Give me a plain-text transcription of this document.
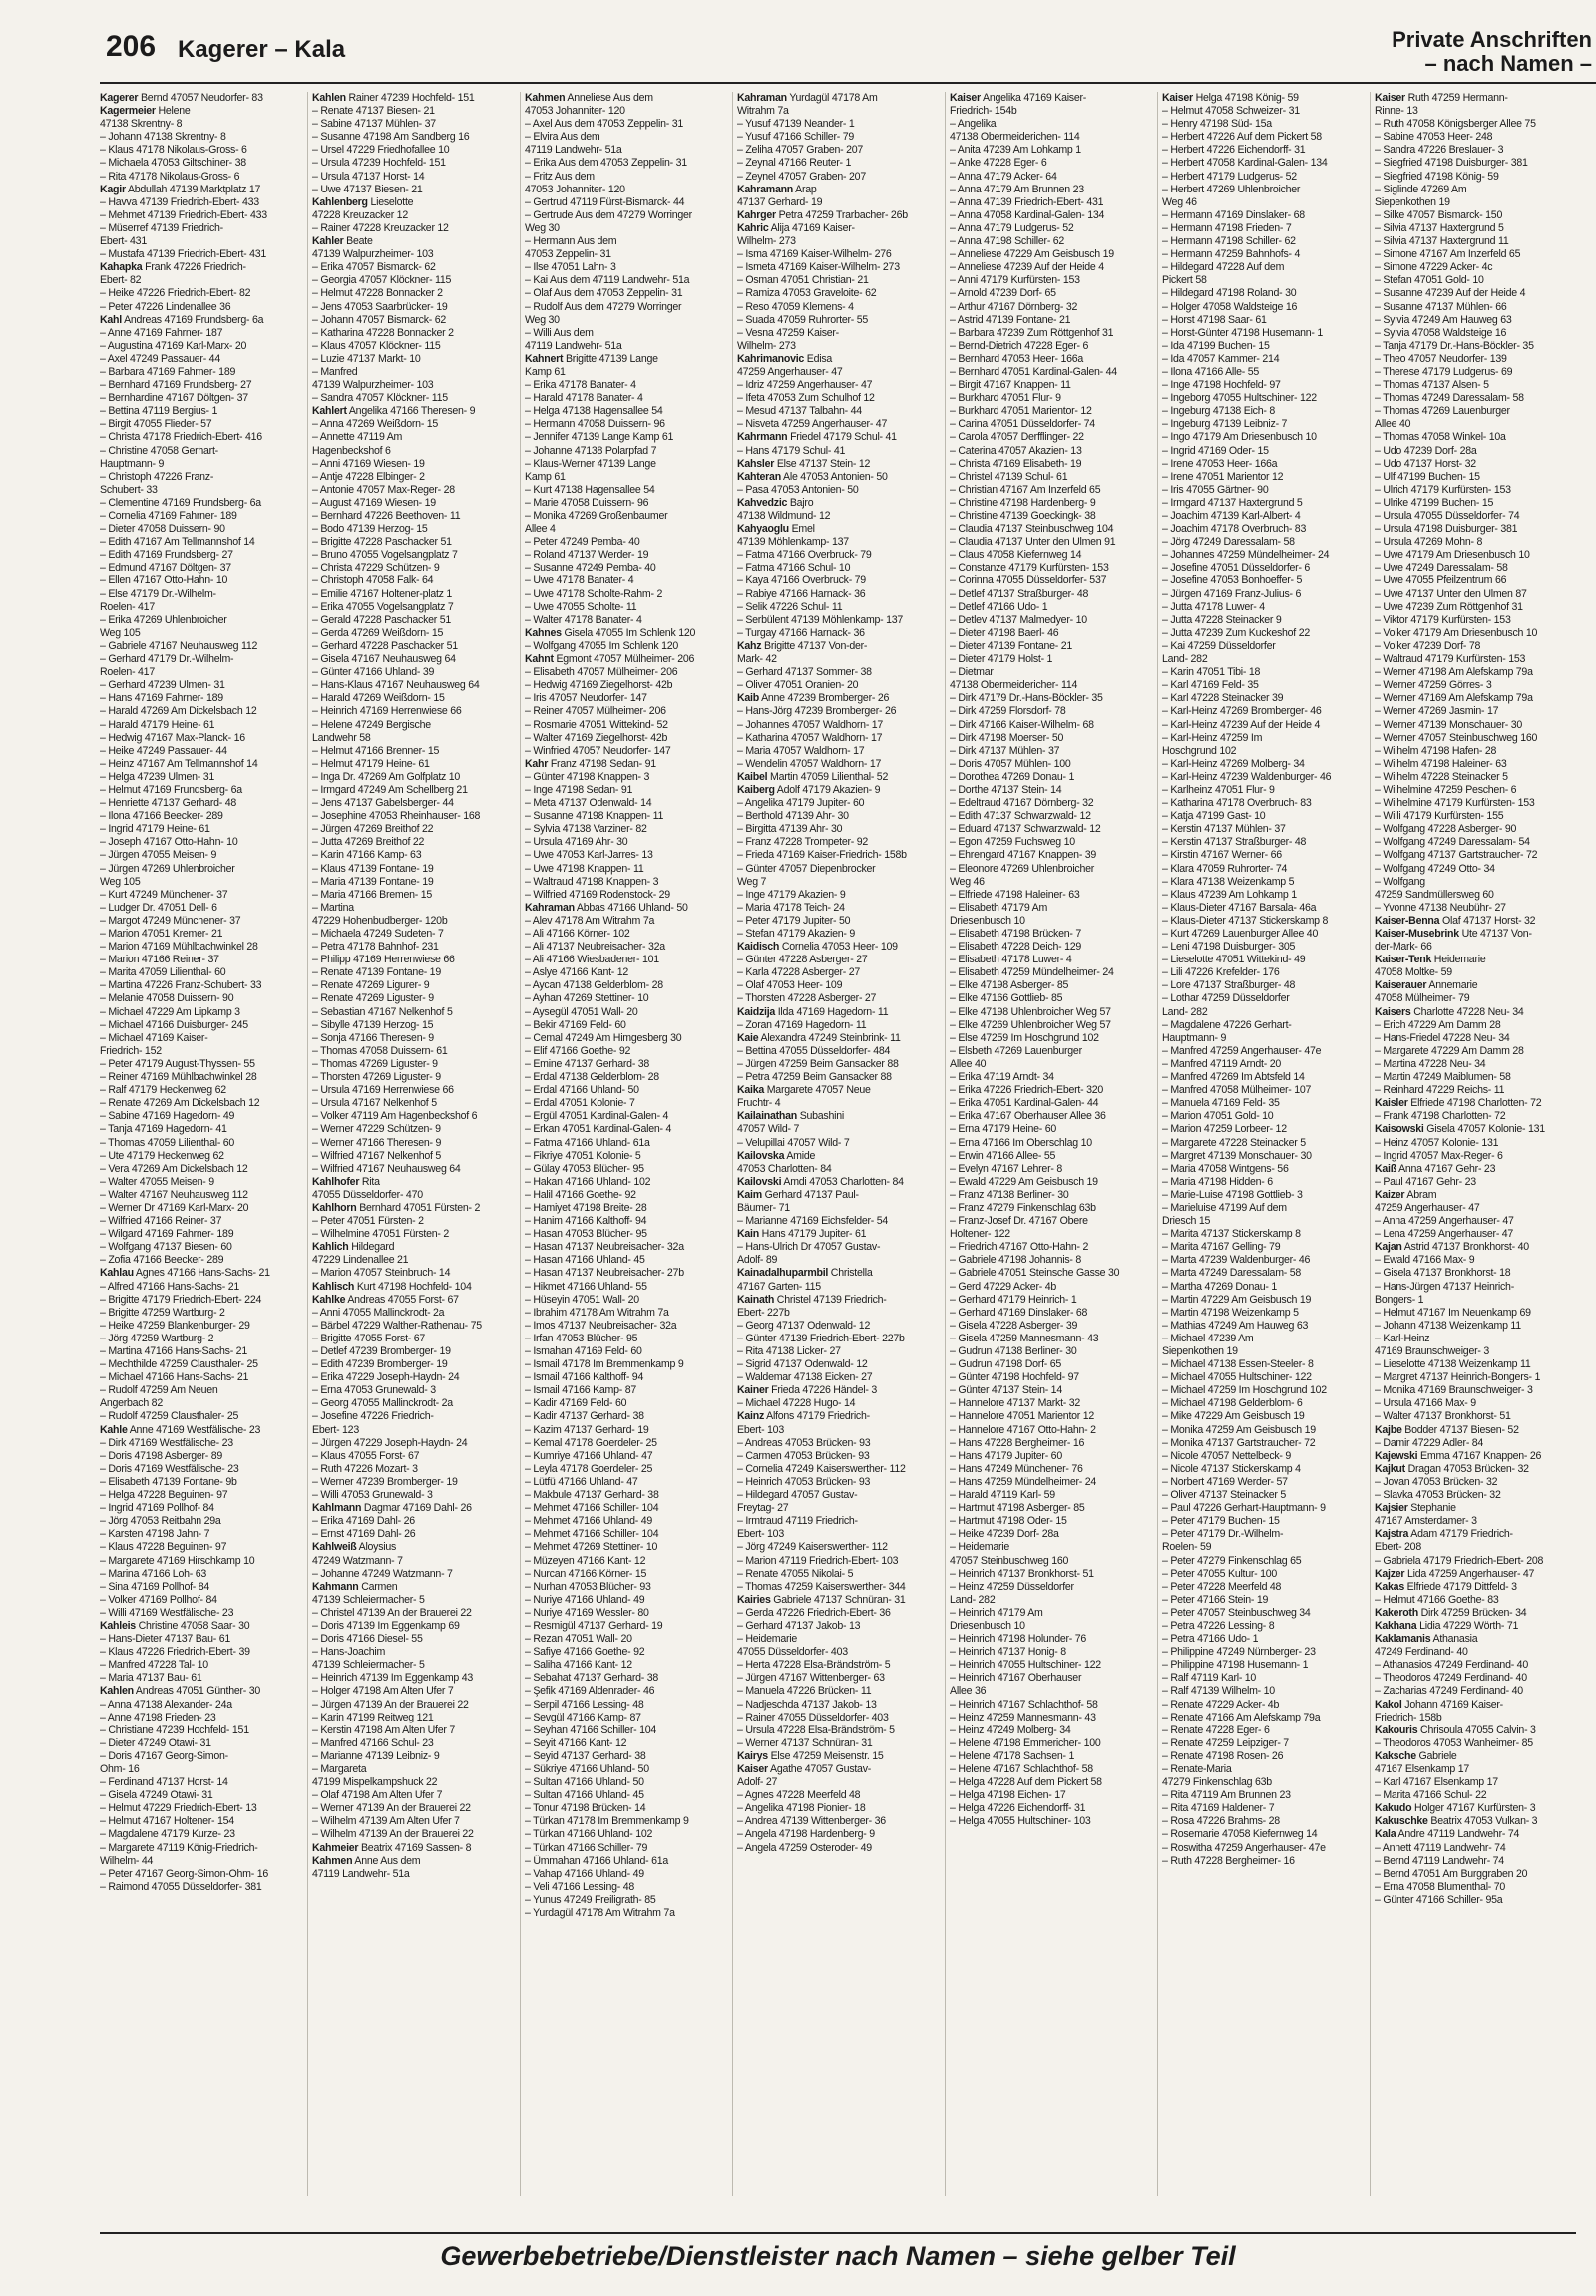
206 Kagerer – Kala	Private Anschriften
– nach Namen –
Kagerer Bernd 47057 Neudorfer- 83
Kagermeier Helene
47138 Skrentny- 8
– Johann 47138 Skrentny- 8
– Klaus 47178 Nikolaus-Gross- 6
– Michaela 47053 Giltschiner- 38
– Rita 47178 Nikolaus-Gross- 6
Kagir Abdullah 47139 Marktplatz 17
– Havva 47139 Friedrich-Ebert- 433
– Mehmet 47139 Friedrich-Ebert- 433
– Müserref 47139 Friedrich-
Ebert- 431
– Mustafa 47139 Friedrich-Ebert- 431
Kahapka Frank 47226 Friedrich-
Ebert- 82
– Heike 47226 Friedrich-Ebert- 82
– Peter 47226 Lindenallee 36
Kahl Andreas 47169 Frundsberg- 6a
– Anne 47169 Fahrner- 187
– Augustina 47169 Karl-Marx- 20
– Axel 47249 Passauer- 44
– Barbara 47169 Fahrner- 189
– Bernhard 47169 Frundsberg- 27
– Bernhardine 47167 Döltgen- 37
– Bettina 47119 Bergius- 1
– Birgit 47055 Flieder- 57
– Christa 47178 Friedrich-Ebert- 416
– Christine 47058 Gerhart-
Hauptmann- 9
– Christoph 47226 Franz-
Schubert- 33
– Clementine 47169 Frundsberg- 6a
– Cornelia 47169 Fahrner- 189
– Dieter 47058 Duissern- 90
– Edith 47167 Am Tellmannshof 14
– Edith 47169 Frundsberg- 27
– Edmund 47167 Döltgen- 37
– Ellen 47167 Otto-Hahn- 10
– Else 47179 Dr.-Wilhelm-
Roelen- 417
– Erika 47269 Uhlenbroicher
Weg 105
– Gabriele 47167 Neuhausweg 112
– Gerhard 47179 Dr.-Wilhelm-
Roelen- 417
– Gerhard 47239 Ulmen- 31
– Hans 47169 Fahrner- 189
– Harald 47269 Am Dickelsbach 12
– Harald 47179 Heine- 61
– Hedwig 47167 Max-Planck- 16
– Heike 47249 Passauer- 44
– Heinz 47167 Am Tellmannshof 14
– Helga 47239 Ulmen- 31
– Helmut 47169 Frundsberg- 6a
– Henriette 47137 Gerhard- 48
– Ilona 47166 Beecker- 289
– Ingrid 47179 Heine- 61
– Joseph 47167 Otto-Hahn- 10
– Jürgen 47055 Meisen- 9
– Jürgen 47269 Uhlenbroicher
Weg 105
– Kurt 47249 Münchener- 37
– Ludger Dr. 47051 Dell- 6
– Margot 47249 Münchener- 37
– Marion 47051 Kremer- 21
– Marion 47169 Mühlbachwinkel 28
– Marion 47166 Reiner- 37
– Marita 47059 Lilienthal- 60
– Martina 47226 Franz-Schubert- 33
– Melanie 47058 Duissern- 90
– Michael 47229 Am Lipkamp 3
– Michael 47166 Duisburger- 245
– Michael 47169 Kaiser-
Friedrich- 152
– Peter 47179 August-Thyssen- 55
– Reiner 47169 Mühlbachwinkel 28
– Ralf 47179 Heckenweg 62
– Renate 47269 Am Dickelsbach 12
– Sabine 47169 Hagedorn- 49
– Tanja 47169 Hagedorn- 41
– Thomas 47059 Lilienthal- 60
– Ute 47179 Heckenweg 62
– Vera 47269 Am Dickelsbach 12
– Walter 47055 Meisen- 9
– Walter 47167 Neuhausweg 112
– Werner Dr 47169 Karl-Marx- 20
– Wilfried 47166 Reiner- 37
– Wilgard 47169 Fahrner- 189
– Wolfgang 47137 Biesen- 60
– Zofia 47166 Beecker- 289
Kahlau Agnes 47166 Hans-Sachs- 21
– Alfred 47166 Hans-Sachs- 21
– Brigitte 47179 Friedrich-Ebert- 224
– Brigitte 47259 Wartburg- 2
– Heike 47259 Blankenburger- 29
– Jörg 47259 Wartburg- 2
– Martina 47166 Hans-Sachs- 21
– Mechthilde 47259 Clausthaler- 25
– Michael 47166 Hans-Sachs- 21
– Rudolf 47259 Am Neuen
Angerbach 82
– Rudolf 47259 Clausthaler- 25
Kahle Anne 47169 Westfälische- 23
– Dirk 47169 Westfälische- 23
– Doris 47198 Asberger- 89
– Doris 47169 Westfälische- 23
– Elisabeth 47139 Fontane- 9b
– Helga 47228 Beguinen- 97
– Ingrid 47169 Pollhof- 84
– Jörg 47053 Reitbahn 29a
– Karsten 47198 Jahn- 7
– Klaus 47228 Beguinen- 97
– Margarete 47169 Hirschkamp 10
– Marina 47166 Loh- 63
– Sina 47169 Pollhof- 84
– Volker 47169 Pollhof- 84
– Willi 47169 Westfälische- 23
Kahleis Christine 47058 Saar- 30
– Hans-Dieter 47137 Bau- 61
– Klaus 47226 Friedrich-Ebert- 39
– Manfred 47228 Tal- 10
– Maria 47137 Bau- 61
Kahlen Andreas 47051 Günther- 30
– Anna 47138 Alexander- 24a
– Anne 47198 Frieden- 23
– Christiane 47239 Hochfeld- 151
– Dieter 47249 Otawi- 31
– Doris 47167 Georg-Simon-
Ohm- 16
– Ferdinand 47137 Horst- 14
– Gisela 47249 Otawi- 31
– Helmut 47229 Friedrich-Ebert- 13
– Helmut 47167 Holtener- 154
– Magdalene 47179 Kurze- 23
– Margarete 47119 König-Friedrich-
Wilhelm- 44
– Peter 47167 Georg-Simon-Ohm- 16
– Raimond 47055 Düsseldorfer- 381
Kahlen Rainer 47239 Hochfeld- 151
– Renate 47137 Biesen- 21
– Sabine 47137 Mühlen- 37
– Susanne 47198 Am Sandberg 16
– Ursel 47229 Friedhofallee 10
– Ursula 47239 Hochfeld- 151
– Ursula 47137 Horst- 14
– Uwe 47137 Biesen- 21
Kahlenberg Lieselotte
47228 Kreuzacker 12
– Rainer 47228 Kreuzacker 12
Kahler Beate
47139 Walpurzheimer- 103
– Erika 47057 Bismarck- 62
– Georgia 47057 Klöckner- 115
– Helmut 47228 Bonnacker 2
– Jens 47053 Saarbrücker- 19
– Johann 47057 Bismarck- 62
– Katharina 47228 Bonnacker 2
– Klaus 47057 Klöckner- 115
– Luzie 47137 Markt- 10
– Manfred
47139 Walpurzheimer- 103
– Sandra 47057 Klöckner- 115
Kahlert Angelika 47166 Theresen- 9
– Anna 47269 Weißdorn- 15
– Annette 47119 Am
Hagenbeckshof 6
– Anni 47169 Wiesen- 19
– Antje 47228 Elbinger- 2
– Antonie 47057 Max-Reger- 28
– August 47169 Wiesen- 19
– Bernhard 47226 Beethoven- 11
– Bodo 47139 Herzog- 15
– Brigitte 47228 Paschacker 51
– Bruno 47055 Vogelsangplatz 7
– Christa 47229 Schützen- 9
– Christoph 47058 Falk- 64
– Emilie 47167 Holtener-platz 1
– Erika 47055 Vogelsangplatz 7
– Gerald 47228 Paschacker 51
– Gerda 47269 Weißdorn- 15
– Gerhard 47228 Paschacker 51
– Gisela 47167 Neuhausweg 64
– Günter 47166 Uhland- 39
– Hans-Klaus 47167 Neuhausweg 64
– Harald 47269 Weißdorn- 15
– Heinrich 47169 Herrenwiese 66
– Helene 47249 Bergische
Landwehr 58
– Helmut 47166 Brenner- 15
– Helmut 47179 Heine- 61
– Inga Dr. 47269 Am Golfplatz 10
– Irmgard 47249 Am Schellberg 21
– Jens 47137 Gabelsberger- 44
– Josephine 47053 Rheinhauser- 168
– Jürgen 47269 Breithof 22
– Jutta 47269 Breithof 22
– Karin 47166 Kamp- 63
– Klaus 47139 Fontane- 19
– Maria 47139 Fontane- 19
– Maria 47166 Bremen- 15
– Martina
47229 Hohenbudberger- 120b
– Michaela 47249 Sudeten- 7
– Petra 47178 Bahnhof- 231
– Philipp 47169 Herrenwiese 66
– Renate 47139 Fontane- 19
– Renate 47269 Ligurer- 9
– Renate 47269 Liguster- 9
– Sebastian 47167 Nelkenhof 5
– Sibylle 47139 Herzog- 15
– Sonja 47166 Theresen- 9
– Thomas 47058 Duissern- 61
– Thomas 47269 Liguster- 9
– Thorsten 47269 Liguster- 9
– Ursula 47169 Herrenwiese 66
– Ursula 47167 Nelkenhof 5
– Volker 47119 Am Hagenbeckshof 6
– Werner 47229 Schützen- 9
– Werner 47166 Theresen- 9
– Wilfried 47167 Nelkenhof 5
– Wilfried 47167 Neuhausweg 64
Kahlhofer Rita
47055 Düsseldorfer- 470
Kahlhorn Bernhard 47051 Fürsten- 2
– Peter 47051 Fürsten- 2
– Wilhelmine 47051 Fürsten- 2
Kahlich Hildegard
47229 Lindenallee 21
– Marion 47057 Steinbruch- 14
Kahlisch Kurt 47198 Hochfeld- 104
Kahlke Andreas 47055 Forst- 67
– Anni 47055 Mallinckrodt- 2a
– Bärbel 47229 Walther-Rathenau- 75
– Brigitte 47055 Forst- 67
– Detlef 47239 Bromberger- 19
– Edith 47239 Bromberger- 19
– Erika 47229 Joseph-Haydn- 24
– Erna 47053 Grunewald- 3
– Georg 47055 Mallinckrodt- 2a
– Josefine 47226 Friedrich-
Ebert- 123
– Jürgen 47229 Joseph-Haydn- 24
– Klaus 47055 Forst- 67
– Ruth 47226 Mozart- 3
– Werner 47239 Bromberger- 19
– Willi 47053 Grunewald- 3
Kahlmann Dagmar 47169 Dahl- 26
– Erika 47169 Dahl- 26
– Ernst 47169 Dahl- 26
Kahlweiß Aloysius
47249 Watzmann- 7
– Johanne 47249 Watzmann- 7
Kahmann Carmen
47139 Schleiermacher- 5
– Christel 47139 An der Brauerei 22
– Doris 47139 Im Eggenkamp 69
– Doris 47166 Diesel- 55
– Hans-Joachim
47139 Schleiermacher- 5
– Heinrich 47139 Im Eggenkamp 43
– Holger 47198 Am Alten Ufer 7
– Jürgen 47139 An der Brauerei 22
– Karin 47199 Reitweg 121
– Kerstin 47198 Am Alten Ufer 7
– Manfred 47166 Schul- 23
– Marianne 47139 Leibniz- 9
– Margareta
47199 Mispelkampshuck 22
– Olaf 47198 Am Alten Ufer 7
– Werner 47139 An der Brauerei 22
– Wilhelm 47139 Am Alten Ufer 7
– Wilhelm 47139 An der Brauerei 22
Kahmeier Beatrix 47169 Sassen- 8
Kahmen Anne Aus dem
47119 Landwehr- 51a
Kahmen Anneliese Aus dem
47053 Johanniter- 120
– Axel Aus dem 47053 Zeppelin- 31
– Elvira Aus dem
47119 Landwehr- 51a
– Erika Aus dem 47053 Zeppelin- 31
– Fritz Aus dem
47053 Johanniter- 120
– Gertrud 47119 Fürst-Bismarck- 44
– Gertrude Aus dem 47279 Worringer
Weg 30
– Hermann Aus dem
47053 Zeppelin- 31
– Ilse 47051 Lahn- 3
– Kai Aus dem 47119 Landwehr- 51a
– Olaf Aus dem 47053 Zeppelin- 31
– Rudolf Aus dem 47279 Worringer
Weg 30
– Willi Aus dem
47119 Landwehr- 51a
Kahnert Brigitte 47139 Lange
Kamp 61
– Erika 47178 Banater- 4
– Harald 47178 Banater- 4
– Helga 47138 Hagensallee 54
– Hermann 47058 Duissern- 96
– Jennifer 47139 Lange Kamp 61
– Johanne 47138 Polarpfad 7
– Klaus-Werner 47139 Lange
Kamp 61
– Kurt 47138 Hagensallee 54
– Marie 47058 Duissern- 96
– Monika 47269 Großenbaumer
Allee 4
– Peter 47249 Pemba- 40
– Roland 47137 Werder- 19
– Susanne 47249 Pemba- 40
– Uwe 47178 Banater- 4
– Uwe 47178 Scholte-Rahm- 2
– Uwe 47055 Scholte- 11
– Walter 47178 Banater- 4
Kahnes Gisela 47055 Im Schlenk 120
– Wolfgang 47055 Im Schlenk 120
Kahnt Egmont 47057 Mülheimer- 206
– Elisabeth 47057 Mülheimer- 206
– Hedwig 47169 Ziegelhorst- 42b
– Iris 47057 Neudorfer- 147
– Reiner 47057 Mülheimer- 206
– Rosmarie 47051 Wittekind- 52
– Walter 47169 Ziegelhorst- 42b
– Winfried 47057 Neudorfer- 147
Kahr Franz 47198 Sedan- 91
– Günter 47198 Knappen- 3
– Inge 47198 Sedan- 91
– Meta 47137 Odenwald- 14
– Susanne 47198 Knappen- 11
– Sylvia 47138 Varziner- 82
– Ursula 47169 Ahr- 30
– Uwe 47053 Karl-Jarres- 13
– Uwe 47198 Knappen- 11
– Waltraud 47198 Knappen- 3
– Wilfried 47169 Rodenstock- 29
Kahraman Abbas 47166 Uhland- 50
– Alev 47178 Am Witrahm 7a
– Ali 47166 Körner- 102
– Ali 47137 Neubreisacher- 32a
– Ali 47166 Wiesbadener- 101
– Aslye 47166 Kant- 12
– Aycan 47138 Gelderblom- 28
– Ayhan 47269 Stettiner- 10
– Aysegül 47051 Wall- 20
– Bekir 47169 Feld- 60
– Cemal 47249 Am Himgesberg 30
– Elif 47166 Goethe- 92
– Emine 47137 Gerhard- 38
– Erdal 47138 Gelderblom- 28
– Erdal 47166 Uhland- 50
– Erdal 47051 Kolonie- 7
– Ergül 47051 Kardinal-Galen- 4
– Erkan 47051 Kardinal-Galen- 4
– Fatma 47166 Uhland- 61a
– Fikriye 47051 Kolonie- 5
– Gülay 47053 Blücher- 95
– Hakan 47166 Uhland- 102
– Halil 47166 Goethe- 92
– Hamiyet 47198 Breite- 28
– Hanim 47166 Kalthoff- 94
– Hasan 47053 Blücher- 95
– Hasan 47137 Neubreisacher- 32a
– Hasan 47166 Uhland- 45
– Hasan 47137 Neubreisacher- 27b
– Hikmet 47166 Uhland- 55
– Hüseyin 47051 Wall- 20
– Ibrahim 47178 Am Witrahm 7a
– Imos 47137 Neubreisacher- 32a
– Irfan 47053 Blücher- 95
– Ismahan 47169 Feld- 60
– Ismail 47178 Im Bremmenkamp 9
– Ismail 47166 Kalthoff- 94
– Ismail 47166 Kamp- 87
– Kadir 47169 Feld- 60
– Kadir 47137 Gerhard- 38
– Kazim 47137 Gerhard- 19
– Kemal 47178 Goerdeler- 25
– Kumriye 47166 Uhland- 47
– Leyla 47178 Goerdeler- 25
– Lütfü 47166 Uhland- 47
– Makbule 47137 Gerhard- 38
– Mehmet 47166 Schiller- 104
– Mehmet 47166 Uhland- 49
– Mehmet 47166 Schiller- 104
– Mehmet 47269 Stettiner- 10
– Müzeyen 47166 Kant- 12
– Nurcan 47166 Körner- 15
– Nurhan 47053 Blücher- 93
– Nuriye 47166 Uhland- 49
– Nuriye 47169 Wessler- 80
– Resmigül 47137 Gerhard- 19
– Rezan 47051 Wall- 20
– Safiye 47166 Goethe- 92
– Saliha 47166 Kant- 12
– Sebahat 47137 Gerhard- 38
– Şefik 47169 Aldenrader- 46
– Serpil 47166 Lessing- 48
– Sevgül 47166 Kamp- 87
– Seyhan 47166 Schiller- 104
– Seyit 47166 Kant- 12
– Seyid 47137 Gerhard- 38
– Sükriye 47166 Uhland- 50
– Sultan 47166 Uhland- 50
– Sultan 47166 Uhland- 45
– Tonur 47198 Brücken- 14
– Türkan 47178 Im Bremmenkamp 9
– Türkan 47166 Uhland- 102
– Türkan 47166 Schiller- 79
– Ümmahan 47166 Uhland- 61a
– Vahap 47166 Uhland- 49
– Veli 47166 Lessing- 48
– Yunus 47249 Freiligrath- 85
– Yurdagül 47178 Am Witrahm 7a
Kahraman Yurdagül 47178 Am
Witrahm 7a
– Yusuf 47139 Neander- 1
– Yusuf 47166 Schiller- 79
– Zeliha 47057 Graben- 207
– Zeynal 47166 Reuter- 1
– Zeynel 47057 Graben- 207
Kahramann Arap
47137 Gerhard- 19
Kahrger Petra 47259 Trarbacher- 26b
Kahric Alija 47169 Kaiser-
Wilhelm- 273
– Isma 47169 Kaiser-Wilhelm- 276
– Ismeta 47169 Kaiser-Wilhelm- 273
– Osman 47051 Christian- 21
– Ramiza 47053 Graveloite- 62
– Reso 47059 Klemens- 4
– Suada 47059 Ruhrorter- 55
– Vesna 47259 Kaiser-
Wilhelm- 273
Kahrimanovic Edisa
47259 Angerhauser- 47
– Idriz 47259 Angerhauser- 47
– Ifeta 47053 Zum Schulhof 12
– Mesud 47137 Talbahn- 44
– Nisveta 47259 Angerhauser- 47
Kahrmann Friedel 47179 Schul- 41
– Hans 47179 Schul- 41
Kahsler Else 47137 Stein- 12
Kahteran Ale 47053 Antonien- 50
– Pasa 47053 Antonien- 50
Kahvedzic Bajro
47138 Wildmund- 12
Kahyaoglu Emel
47139 Möhlenkamp- 137
– Fatma 47166 Overbruck- 79
– Fatma 47166 Schul- 10
– Kaya 47166 Overbruck- 79
– Rabiye 47166 Harnack- 36
– Selik 47226 Schul- 11
– Serbülent 47139 Möhlenkamp- 137
– Turgay 47166 Harnack- 36
Kahz Brigitte 47137 Von-der-
Mark- 42
– Gerhard 47137 Sommer- 38
– Oliver 47051 Oranien- 20
Kaib Anne 47239 Bromberger- 26
– Hans-Jörg 47239 Bromberger- 26
– Johannes 47057 Waldhorn- 17
– Katharina 47057 Waldhorn- 17
– Maria 47057 Waldhorn- 17
– Wendelin 47057 Waldhorn- 17
Kaibel Martin 47059 Lilienthal- 52
Kaiberg Adolf 47179 Akazien- 9
– Angelika 47179 Jupiter- 60
– Berthold 47139 Ahr- 30
– Birgitta 47139 Ahr- 30
– Franz 47228 Trompeter- 92
– Frieda 47169 Kaiser-Friedrich- 158b
– Günter 47057 Diepenbrocker
Weg 7
– Inge 47179 Akazien- 9
– Maria 47178 Teich- 24
– Peter 47179 Jupiter- 50
– Stefan 47179 Akazien- 9
Kaidisch Cornelia 47053 Heer- 109
– Günter 47228 Asberger- 27
– Karla 47228 Asberger- 27
– Olaf 47053 Heer- 109
– Thorsten 47228 Asberger- 27
Kaidzija Ilda 47169 Hagedorn- 11
– Zoran 47169 Hagedorn- 11
Kaie Alexandra 47249 Steinbrink- 11
– Bettina 47055 Düsseldorfer- 484
– Jürgen 47259 Beim Gansacker 88
– Petra 47259 Beim Gansacker 88
Kaika Margarete 47057 Neue
Fruchtr- 4
Kailainathan Subashini
47057 Wild- 7
– Velupillai 47057 Wild- 7
Kailovska Amide
47053 Charlotten- 84
Kailovski Amdi 47053 Charlotten- 84
Kaim Gerhard 47137 Paul-
Bäumer- 71
– Marianne 47169 Eichsfelder- 54
Kain Hans 47179 Jupiter- 61
– Hans-Ulrich Dr 47057 Gustav-
Adolf- 89
Kainadalhuparmbil Christella
47167 Garten- 115
Kainath Christel 47139 Friedrich-
Ebert- 227b
– Georg 47137 Odenwald- 12
– Günter 47139 Friedrich-Ebert- 227b
– Rita 47138 Licker- 27
– Sigrid 47137 Odenwald- 12
– Waldemar 47138 Eicken- 27
Kainer Frieda 47226 Händel- 3
– Michael 47228 Hugo- 14
Kainz Alfons 47179 Friedrich-
Ebert- 103
– Andreas 47053 Brücken- 93
– Carmen 47053 Brücken- 93
– Cornelia 47249 Kaiserswerther- 112
– Heinrich 47053 Brücken- 93
– Hildegard 47057 Gustav-
Freytag- 27
– Irmtraud 47119 Friedrich-
Ebert- 103
– Jörg 47249 Kaiserswerther- 112
– Marion 47119 Friedrich-Ebert- 103
– Renate 47055 Nikolai- 5
– Thomas 47259 Kaiserswerther- 344
Kairies Gabriele 47137 Schnüran- 31
– Gerda 47226 Friedrich-Ebert- 36
– Gerhard 47137 Jakob- 13
– Heidemarie
47055 Düsseldorfer- 403
– Herta 47228 Elsa-Brändström- 5
– Jürgen 47167 Wittenberger- 63
– Manuela 47226 Brücken- 11
– Nadjeschda 47137 Jakob- 13
– Rainer 47055 Düsseldorfer- 403
– Ursula 47228 Elsa-Brändström- 5
– Werner 47137 Schnüran- 31
Kairys Else 47259 Meisenstr. 15
Kaiser Agathe 47057 Gustav-
Adolf- 27
– Agnes 47228 Meerfeld 48
– Angelika 47198 Pionier- 18
– Andrea 47139 Wittenberger- 36
– Angela 47198 Hardenberg- 9
– Angela 47259 Osteroder- 49
Kaiser Angelika 47169 Kaiser-
Friedrich- 154b
– Angelika
47138 Obermeiderichen- 114
– Anita 47239 Am Lohkamp 1
– Anke 47228 Eger- 6
– Anna 47179 Acker- 64
– Anna 47179 Am Brunnen 23
– Anna 47139 Friedrich-Ebert- 431
– Anna 47058 Kardinal-Galen- 134
– Anna 47179 Ludgerus- 52
– Anna 47198 Schiller- 62
– Anneliese 47229 Am Geisbusch 19
– Anneliese 47239 Auf der Heide 4
– Anni 47179 Kurfürsten- 153
– Arnold 47239 Dorf- 65
– Arthur 47167 Dörnberg- 32
– Astrid 47139 Fontane- 21
– Barbara 47239 Zum Röttgenhof 31
– Bernd-Dietrich 47228 Eger- 6
– Bernhard 47053 Heer- 166a
– Bernhard 47051 Kardinal-Galen- 44
– Birgit 47167 Knappen- 11
– Burkhard 47051 Flur- 9
– Burkhard 47051 Marientor- 12
– Carina 47051 Düsseldorfer- 74
– Carola 47057 Derfflinger- 22
– Caterina 47057 Akazien- 13
– Christa 47169 Elisabeth- 19
– Christel 47139 Schul- 61
– Christian 47167 Am Inzerfeld 65
– Christine 47198 Hardenberg- 9
– Christine 47139 Goeckingk- 38
– Claudia 47137 Steinbuschweg 104
– Claudia 47137 Unter den Ulmen 91
– Claus 47058 Kiefernweg 14
– Constanze 47179 Kurfürsten- 153
– Corinna 47055 Düsseldorfer- 537
– Detlef 47137 Straßburger- 48
– Detlef 47166 Udo- 1
– Detlev 47137 Malmedyer- 10
– Dieter 47198 Baerl- 46
– Dieter 47139 Fontane- 21
– Dieter 47179 Holst- 1
– Dietmar
47138 Obermeidericher- 114
– Dirk 47179 Dr.-Hans-Böckler- 35
– Dirk 47259 Florsdorf- 78
– Dirk 47166 Kaiser-Wilhelm- 68
– Dirk 47198 Moerser- 50
– Dirk 47137 Mühlen- 37
– Doris 47057 Mühlen- 100
– Dorothea 47269 Donau- 1
– Dorthe 47137 Stein- 14
– Edeltraud 47167 Dörnberg- 32
– Edith 47137 Schwarzwald- 12
– Eduard 47137 Schwarzwald- 12
– Egon 47259 Fuchsweg 10
– Ehrengard 47167 Knappen- 39
– Eleonore 47269 Uhlenbroicher
Weg 46
– Elfriede 47198 Haleiner- 63
– Elisabeth 47179 Am
Driesenbusch 10
– Elisabeth 47198 Brücken- 7
– Elisabeth 47228 Deich- 129
– Elisabeth 47178 Luwer- 4
– Elisabeth 47259 Mündelheimer- 24
– Elke 47198 Asberger- 85
– Elke 47166 Gottlieb- 85
– Elke 47198 Uhlenbroicher Weg 57
– Elke 47269 Uhlenbroicher Weg 57
– Else 47259 Im Hoschgrund 102
– Elsbeth 47269 Lauenburger
Allee 40
– Erika 47119 Arndt- 34
– Erika 47226 Friedrich-Ebert- 320
– Erika 47051 Kardinal-Galen- 44
– Erika 47167 Oberhauser Allee 36
– Erna 47179 Heine- 60
– Erna 47166 Im Oberschlag 10
– Erwin 47166 Allee- 55
– Evelyn 47167 Lehrer- 8
– Ewald 47229 Am Geisbusch 19
– Franz 47138 Berliner- 30
– Franz 47279 Finkenschlag 63b
– Franz-Josef Dr. 47167 Obere
Holtener- 122
– Friedrich 47167 Otto-Hahn- 2
– Gabriele 47198 Johannis- 8
– Gabriele 47051 Steinsche Gasse 30
– Gerd 47229 Acker- 4b
– Gerhard 47179 Heinrich- 1
– Gerhard 47169 Dinslaker- 68
– Gisela 47228 Asberger- 39
– Gisela 47259 Mannesmann- 43
– Gudrun 47138 Berliner- 30
– Gudrun 47198 Dorf- 65
– Günter 47198 Hochfeld- 97
– Günter 47137 Stein- 14
– Hannelore 47137 Markt- 32
– Hannelore 47051 Marientor 12
– Hannelore 47167 Otto-Hahn- 2
– Hans 47228 Bergheimer- 16
– Hans 47179 Jupiter- 60
– Hans 47249 Münchener- 76
– Hans 47259 Mündelheimer- 24
– Harald 47119 Karl- 59
– Hartmut 47198 Asberger- 85
– Hartmut 47198 Oder- 15
– Heike 47239 Dorf- 28a
– Heidemarie
47057 Steinbuschweg 160
– Heinrich 47137 Bronkhorst- 51
– Heinz 47259 Düsseldorfer
Land- 282
– Heinrich 47179 Am
Driesenbusch 10
– Heinrich 47198 Holunder- 76
– Heinrich 47137 Honig- 8
– Heinrich 47055 Hultschiner- 122
– Heinrich 47167 Oberhauser
Allee 36
– Heinrich 47167 Schlachthof- 58
– Heinz 47259 Mannesmann- 43
– Heinz 47249 Molberg- 34
– Helene 47198 Emmericher- 100
– Helene 47178 Sachsen- 1
– Helene 47167 Schlachthof- 58
– Helga 47228 Auf dem Pickert 58
– Helga 47198 Eichen- 17
– Helga 47226 Eichendorff- 31
– Helga 47055 Hultschiner- 103
Kaiser Helga 47198 König- 59
– Helmut 47058 Schweizer- 31
– Henry 47198 Süd- 15a
– Herbert 47226 Auf dem Pickert 58
– Herbert 47226 Eichendorff- 31
– Herbert 47058 Kardinal-Galen- 134
– Herbert 47179 Ludgerus- 52
– Herbert 47269 Uhlenbroicher
Weg 46
– Hermann 47169 Dinslaker- 68
– Hermann 47198 Frieden- 7
– Hermann 47198 Schiller- 62
– Hermann 47259 Bahnhofs- 4
– Hildegard 47228 Auf dem
Pickert 58
– Hildegard 47198 Roland- 30
– Holger 47058 Waldsteige 16
– Horst 47198 Saar- 61
– Horst-Günter 47198 Husemann- 1
– Ida 47199 Buchen- 15
– Ida 47057 Kammer- 214
– Ilona 47166 Alle- 55
– Inge 47198 Hochfeld- 97
– Ingeborg 47055 Hultschiner- 122
– Ingeburg 47138 Eich- 8
– Ingeburg 47139 Leibniz- 7
– Ingo 47179 Am Driesenbusch 10
– Ingrid 47169 Oder- 15
– Irene 47053 Heer- 166a
– Irene 47051 Marientor 12
– Iris 47055 Gärtner- 90
– Irmgard 47137 Haxtergrund 5
– Joachim 47139 Karl-Albert- 4
– Joachim 47178 Overbruch- 83
– Jörg 47249 Daressalam- 58
– Johannes 47259 Mündelheimer- 24
– Josefine 47051 Düsseldorfer- 6
– Josefine 47053 Bonhoeffer- 5
– Jürgen 47169 Franz-Julius- 6
– Jutta 47178 Luwer- 4
– Jutta 47228 Steinacker 9
– Jutta 47239 Zum Kuckeshof 22
– Kai 47259 Düsseldorfer
Land- 282
– Karin 47051 Tibi- 18
– Karl 47169 Feld- 35
– Karl 47228 Steinacker 39
– Karl-Heinz 47269 Bromberger- 46
– Karl-Heinz 47239 Auf der Heide 4
– Karl-Heinz 47259 Im
Hoschgrund 102
– Karl-Heinz 47269 Molberg- 34
– Karl-Heinz 47239 Waldenburger- 46
– Karlheinz 47051 Flur- 9
– Katharina 47178 Overbruch- 83
– Katja 47199 Gast- 10
– Kerstin 47137 Mühlen- 37
– Kerstin 47137 Straßburger- 48
– Kirstin 47167 Werner- 66
– Klara 47059 Ruhrorter- 74
– Klara 47138 Weizenkamp 5
– Klaus 47239 Am Lohkamp 1
– Klaus-Dieter 47167 Barsala- 46a
– Klaus-Dieter 47137 Stickerskamp 8
– Kurt 47269 Lauenburger Allee 40
– Leni 47198 Duisburger- 305
– Lieselotte 47051 Wittekind- 49
– Lili 47226 Krefelder- 176
– Lore 47137 Straßburger- 48
– Lothar 47259 Düsseldorfer
Land- 282
– Magdalene 47226 Gerhart-
Hauptmann- 9
– Manfred 47259 Angerhauser- 47e
– Manfred 47119 Arndt- 20
– Manfred 47269 Im Abtsfeld 14
– Manfred 47058 Mülheimer- 107
– Manuela 47169 Feld- 35
– Marion 47051 Gold- 10
– Marion 47259 Lorbeer- 12
– Margarete 47228 Steinacker 5
– Margret 47139 Monschauer- 30
– Maria 47058 Wintgens- 56
– Maria 47198 Hidden- 6
– Marie-Luise 47198 Gottlieb- 3
– Marieluise 47199 Auf dem
Driesch 15
– Marita 47137 Stickerskamp 8
– Marita 47167 Gelling- 79
– Marta 47239 Waldenburger- 46
– Marta 47249 Daressalam- 58
– Martha 47269 Donau- 1
– Martin 47229 Am Geisbusch 19
– Martin 47198 Weizenkamp 5
– Mathias 47249 Am Hauweg 63
– Michael 47239 Am
Siepenkothen 19
– Michael 47138 Essen-Steeler- 8
– Michael 47055 Hultschiner- 122
– Michael 47259 Im Hoschgrund 102
– Michael 47198 Gelderblom- 6
– Mike 47229 Am Geisbusch 19
– Monika 47259 Am Geisbusch 19
– Monika 47137 Gartstraucher- 72
– Nicole 47057 Nettelbeck- 9
– Nicole 47137 Stickerskamp 4
– Norbert 47169 Werder- 57
– Oliver 47137 Steinacker 5
– Paul 47226 Gerhart-Hauptmann- 9
– Peter 47179 Buchen- 15
– Peter 47179 Dr.-Wilhelm-
Roelen- 59
– Peter 47279 Finkenschlag 65
– Peter 47055 Kultur- 100
– Peter 47228 Meerfeld 48
– Peter 47166 Stein- 19
– Peter 47057 Steinbuschweg 34
– Petra 47226 Lessing- 8
– Petra 47166 Udo- 1
– Philippine 47249 Nürnberger- 23
– Philippine 47198 Husemann- 1
– Ralf 47119 Karl- 10
– Ralf 47139 Wilhelm- 10
– Renate 47229 Acker- 4b
– Renate 47166 Am Alefskamp 79a
– Renate 47228 Eger- 6
– Renate 47259 Leipziger- 7
– Renate 47198 Rosen- 26
– Renate-Maria
47279 Finkenschlag 63b
– Rita 47119 Am Brunnen 23
– Rita 47169 Haldener- 7
– Rosa 47226 Brahms- 28
– Rosemarie 47058 Kiefernweg 14
– Roswitha 47259 Angerhauser- 47e
– Ruth 47228 Bergheimer- 16
Kaiser Ruth 47259 Hermann-
Rinne- 13
– Ruth 47058 Königsberger Allee 75
– Sabine 47053 Heer- 248
– Sandra 47226 Breslauer- 3
– Siegfried 47198 Duisburger- 381
– Siegfried 47198 König- 59
– Siglinde 47269 Am
Siepenkothen 19
– Silke 47057 Bismarck- 150
– Silvia 47137 Haxtergrund 5
– Silvia 47137 Haxtergrund 11
– Simone 47167 Am Inzerfeld 65
– Simone 47229 Acker- 4c
– Stefan 47051 Gold- 10
– Susanne 47239 Auf der Heide 4
– Susanne 47137 Mühlen- 66
– Sylvia 47249 Am Hauweg 63
– Sylvia 47058 Waldsteige 16
– Tanja 47179 Dr.-Hans-Böckler- 35
– Theo 47057 Neudorfer- 139
– Therese 47179 Ludgerus- 69
– Thomas 47137 Alsen- 5
– Thomas 47249 Daressalam- 58
– Thomas 47269 Lauenburger
Allee 40
– Thomas 47058 Winkel- 10a
– Udo 47239 Dorf- 28a
– Udo 47137 Horst- 32
– Ulf 47199 Buchen- 15
– Ulrich 47179 Kurfürsten- 153
– Ulrike 47199 Buchen- 15
– Ursula 47055 Düsseldorfer- 74
– Ursula 47198 Duisburger- 381
– Ursula 47269 Mohn- 8
– Uwe 47179 Am Driesenbusch 10
– Uwe 47249 Daressalam- 58
– Uwe 47055 Pfeilzentrum 66
– Uwe 47137 Unter den Ulmen 87
– Uwe 47239 Zum Röttgenhof 31
– Viktor 47179 Kurfürsten- 153
– Volker 47179 Am Driesenbusch 10
– Volker 47239 Dorf- 78
– Waltraud 47179 Kurfürsten- 153
– Werner 47198 Am Alefskamp 79a
– Werner 47259 Görres- 3
– Werner 47169 Am Alefskamp 79a
– Werner 47269 Jasmin- 17
– Werner 47139 Monschauer- 30
– Werner 47057 Steinbuschweg 160
– Wilhelm 47198 Hafen- 28
– Wilhelm 47198 Haleiner- 63
– Wilhelm 47228 Steinacker 5
– Wilhelmine 47259 Peschen- 6
– Wilhelmine 47179 Kurfürsten- 153
– Willi 47179 Kurfürsten- 155
– Wolfgang 47228 Asberger- 90
– Wolfgang 47249 Daressalam- 54
– Wolfgang 47137 Gartstraucher- 72
– Wolfgang 47249 Otto- 34
– Wolfgang
47259 Sandmüllersweg 60
– Yvonne 47138 Neubühr- 27
Kaiser-Benna Olaf 47137 Horst- 32
Kaiser-Musebrink Ute 47137 Von-
der-Mark- 66
Kaiser-Tenk Heidemarie
47058 Moltke- 59
Kaiserauer Annemarie
47058 Mülheimer- 79
Kaisers Charlotte 47228 Neu- 34
– Erich 47229 Am Damm 28
– Hans-Friedel 47228 Neu- 34
– Margarete 47229 Am Damm 28
– Martina 47228 Neu- 34
– Martin 47249 Maiblumen- 58
– Reinhard 47229 Reichs- 11
Kaisler Elfriede 47198 Charlotten- 72
– Frank 47198 Charlotten- 72
Kaisowski Gisela 47057 Kolonie- 131
– Heinz 47057 Kolonie- 131
– Ingrid 47057 Max-Reger- 6
Kaiß Anna 47167 Gehr- 23
– Paul 47167 Gehr- 23
Kaizer Abram
47259 Angerhauser- 47
– Anna 47259 Angerhauser- 47
– Lena 47259 Angerhauser- 47
Kajan Astrid 47137 Bronkhorst- 40
– Ewald 47166 Max- 9
– Gisela 47137 Bronkhorst- 18
– Hans-Jürgen 47137 Heinrich-
Bongers- 1
– Helmut 47167 Im Neuenkamp 69
– Johann 47138 Weizenkamp 11
– Karl-Heinz
47169 Braunschweiger- 3
– Lieselotte 47138 Weizenkamp 11
– Margret 47137 Heinrich-Bongers- 1
– Monika 47169 Braunschweiger- 3
– Ursula 47166 Max- 9
– Walter 47137 Bronkhorst- 51
Kajbe Bodder 47137 Biesen- 52
– Damir 47229 Adler- 84
Kajewski Emma 47167 Knappen- 26
Kajkut Dragan 47053 Brücken- 32
– Jovan 47053 Brücken- 32
– Slavka 47053 Brücken- 32
Kajsier Stephanie
47167 Amsterdamer- 3
Kajstra Adam 47179 Friedrich-
Ebert- 208
– Gabriela 47179 Friedrich-Ebert- 208
Kajzer Lida 47259 Angerhauser- 47
Kakas Elfriede 47179 Dittfeld- 3
– Helmut 47166 Goethe- 83
Kakeroth Dirk 47259 Brücken- 34
Kakhana Lidia 47229 Wörth- 71
Kaklamanis Athanasia
47249 Ferdinand- 40
– Athanasios 47249 Ferdinand- 40
– Theodoros 47249 Ferdinand- 40
– Zacharias 47249 Ferdinand- 40
Kakol Johann 47169 Kaiser-
Friedrich- 158b
Kakouris Chrisoula 47055 Calvin- 3
– Theodoros 47053 Wanheimer- 85
Kaksche Gabriele
47167 Elsenkamp 17
– Karl 47167 Elsenkamp 17
– Marita 47166 Schul- 22
Kakudo Holger 47167 Kurfürsten- 3
Kakuschke Beatrix 47053 Vulkan- 3
Kala Andre 47119 Landwehr- 74
– Annett 47119 Landwehr- 74
– Bernd 47119 Landwehr- 74
– Bernd 47051 Am Burggraben 20
– Erna 47058 Blumenthal- 70
– Günter 47166 Schiller- 95a
Gewerbebetriebe/Dienstleister nach Namen – siehe gelber Teil
